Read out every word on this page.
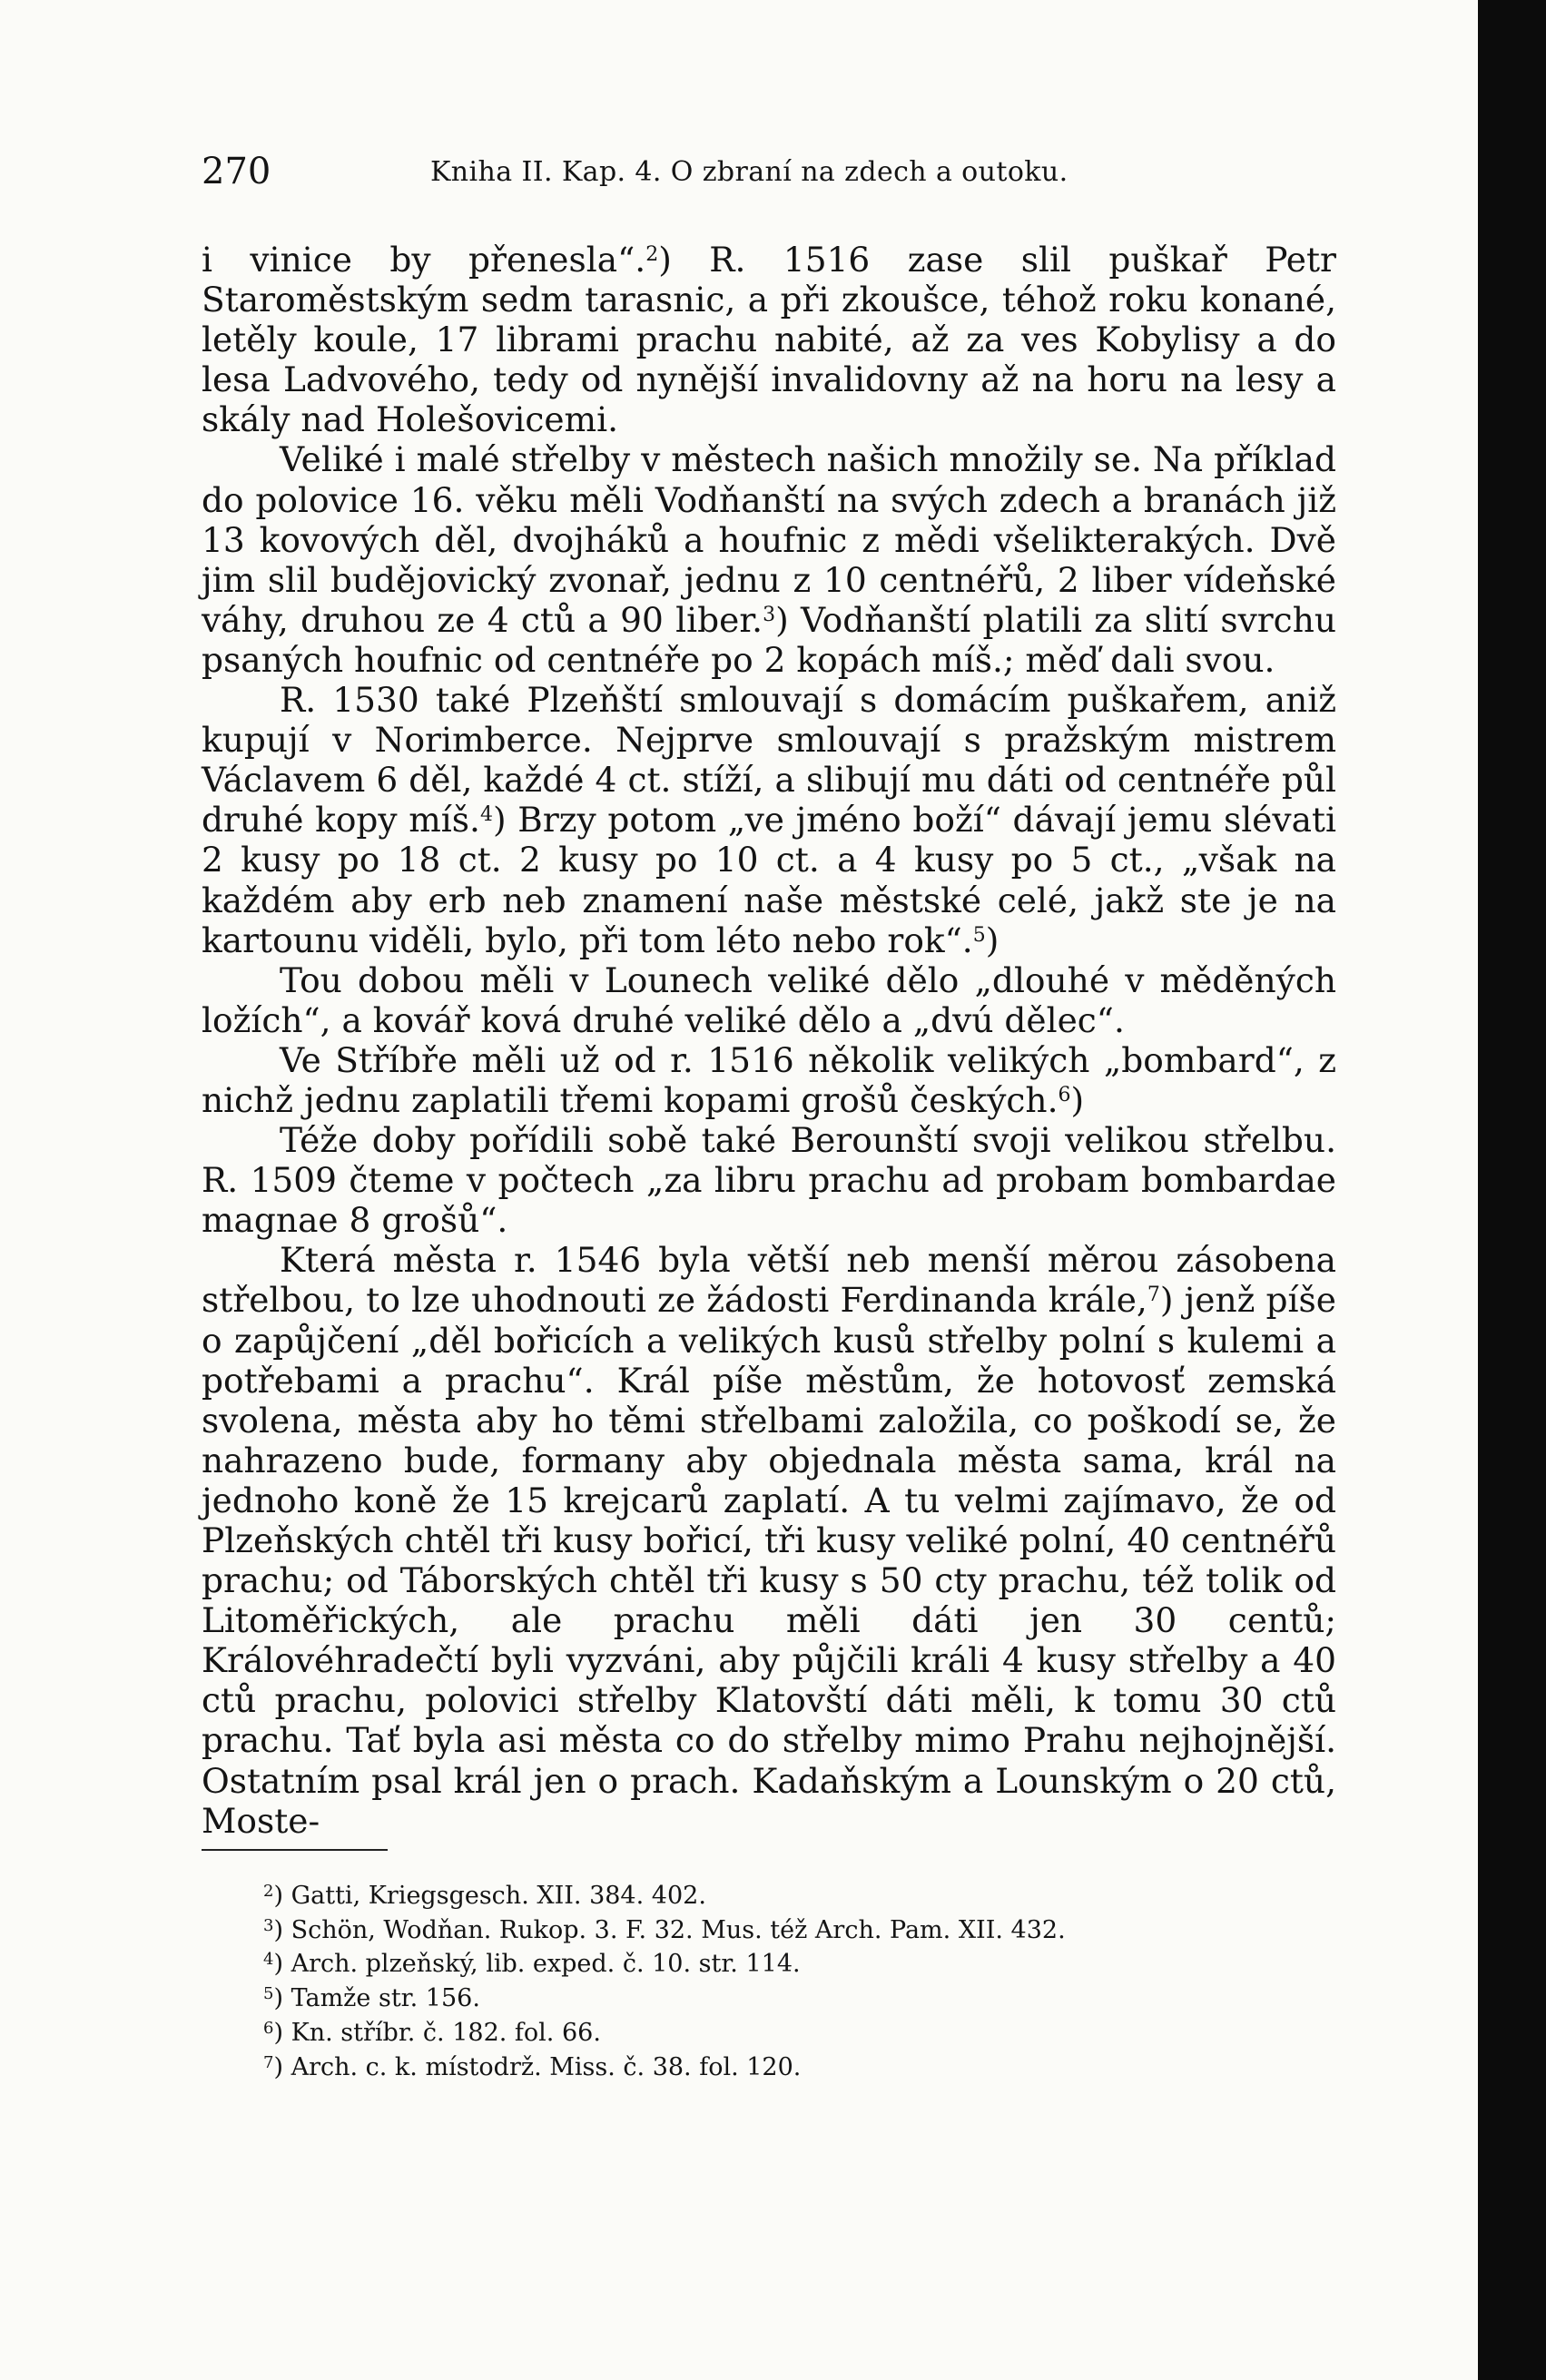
270	Kniha II. Kap. 4. O zbraní na zdech a outoku.

i vinice by přenesla“.$^2$) R. 1516 zase slil puškař Petr Staroměstským sedm tarasnic, a při zkoušce, téhož roku konané, letěly koule, 17 librami prachu nabité, až za ves Kobylisy a do lesa Ladvového, tedy od nynější invalidovny až na horu na lesy a skály nad Holešovicemi.

Veliké i malé střelby v městech našich množily se. Na příklad do polovice 16. věku měli Vodňanští na svých zdech a branách již 13 kovových děl, dvojháků a houfnic z mědi všelikterakých. Dvě jim slil budějovický zvonař, jednu z 10 centnéřů, 2 liber vídeňské váhy, druhou ze 4 ctů a 90 liber.$^3$) Vodňanští platili za slití svrchu psaných houfnic od centnéře po 2 kopách míš.; měď dali svou.

R. 1530 také Plzeňští smlouvají s domácím puškařem, aniž kupují v Norimberce. Nejprve smlouvají s pražským mistrem Václavem 6 děl, každé 4 ct. stíží, a slibují mu dáti od centnéře půl druhé kopy míš.$^4$) Brzy potom „ve jméno boží“ dávají jemu slévati 2 kusy po 18 ct. 2 kusy po 10 ct. a 4 kusy po 5 ct., „však na každém aby erb neb znamení naše městské celé, jakž ste je na kartounu viděli, bylo, při tom léto nebo rok“.$^5$)

Tou dobou měli v Lounech veliké dělo „dlouhé v měděných ložích“, a kovář ková druhé veliké dělo a „dvú dělec“.

Ve Stříbře měli už od r. 1516 několik velikých „bombard“, z nichž jednu zaplatili třemi kopami grošů českých.$^6$)

Téže doby pořídili sobě také Berounští svoji velikou střelbu. R. 1509 čteme v počtech „za libru prachu ad probam bombardae magnae 8 grošů“.

Která města r. 1546 byla větší neb menší měrou zásobena střelbou, to lze uhodnouti ze žádosti Ferdinanda krále,$^7$) jenž píše o zapůjčení „děl bořicích a velikých kusů střelby polní s kulemi a potřebami a prachu“. Král píše městům, že hotovosť zemská svolena, města aby ho těmi střelbami založila, co poškodí se, že nahrazeno bude, formany aby objednala města sama, král na jednoho koně že 15 krejcarů zaplatí. A tu velmi zajímavo, že od Plzeňských chtěl tři kusy bořicí, tři kusy veliké polní, 40 centnéřů prachu; od Táborských chtěl tři kusy s 50 cty prachu, též tolik od Litoměřických, ale prachu měli dáti jen 30 centů; Královéhradečtí byli vyzváni, aby půjčili králi 4 kusy střelby a 40 ctů prachu, polovici střelby Klatovští dáti měli, k tomu 30 ctů prachu. Tať byla asi města co do střelby mimo Prahu nejhojnější. Ostatním psal král jen o prach. Kadaňským a Lounským o 20 ctů, Moste-

$^2$) Gatti, Kriegsgesch. XII. 384. 402.
$^3$) Schön, Wodňan. Rukop. 3. F. 32. Mus. též Arch. Pam. XII. 432.
$^4$) Arch. plzeňský, lib. exped. č. 10. str. 114.
$^5$) Tamže str. 156.
$^6$) Kn. stříbr. č. 182. fol. 66.
$^7$) Arch. c. k. místodrž. Miss. č. 38. fol. 120.
